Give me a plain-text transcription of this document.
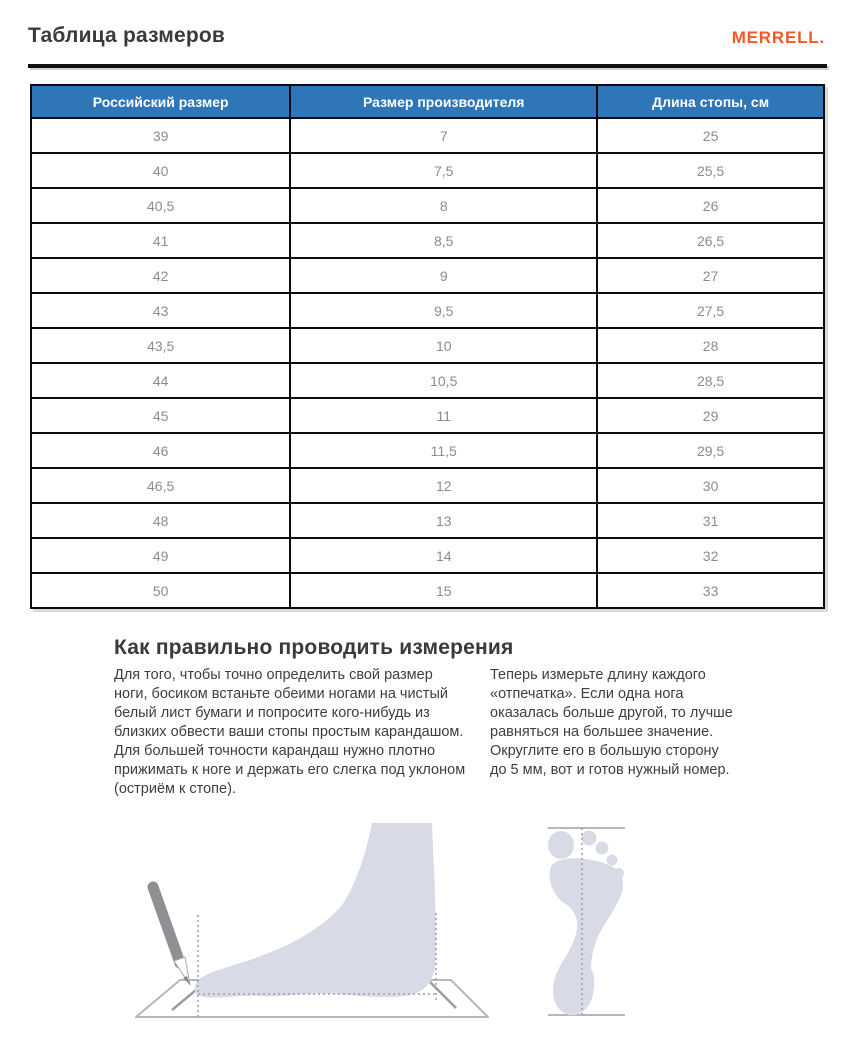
Таблица размеров	MERRELL.
Российский размер	Размер производителя	Длина стопы, см
39	7	25
40	7,5	25,5
40,5	8	26
41	8,5	26,5
42	9	27
43	9,5	27,5
43,5	10	28
44	10,5	28,5
45	11	29
46	11,5	29,5
46,5	12	30
48	13	31
49	14	32
50	15	33
Как правильно проводить измерения

Для того, чтобы точно определить свой размер ноги, босиком встаньте обеими ногами на чистый белый лист бумаги и попросите кого-нибудь из близких обвести ваши стопы простым карандашом. Для большей точности карандаш нужно плотно прижимать к ноге и держать его слегка под уклоном (остриём к стопе).

Теперь измерьте длину каждого «отпечатка». Если одна нога оказалась больше другой, то лучше равняться на большее значение. Округлите его в большую сторону до 5 мм, вот и готов нужный номер.
